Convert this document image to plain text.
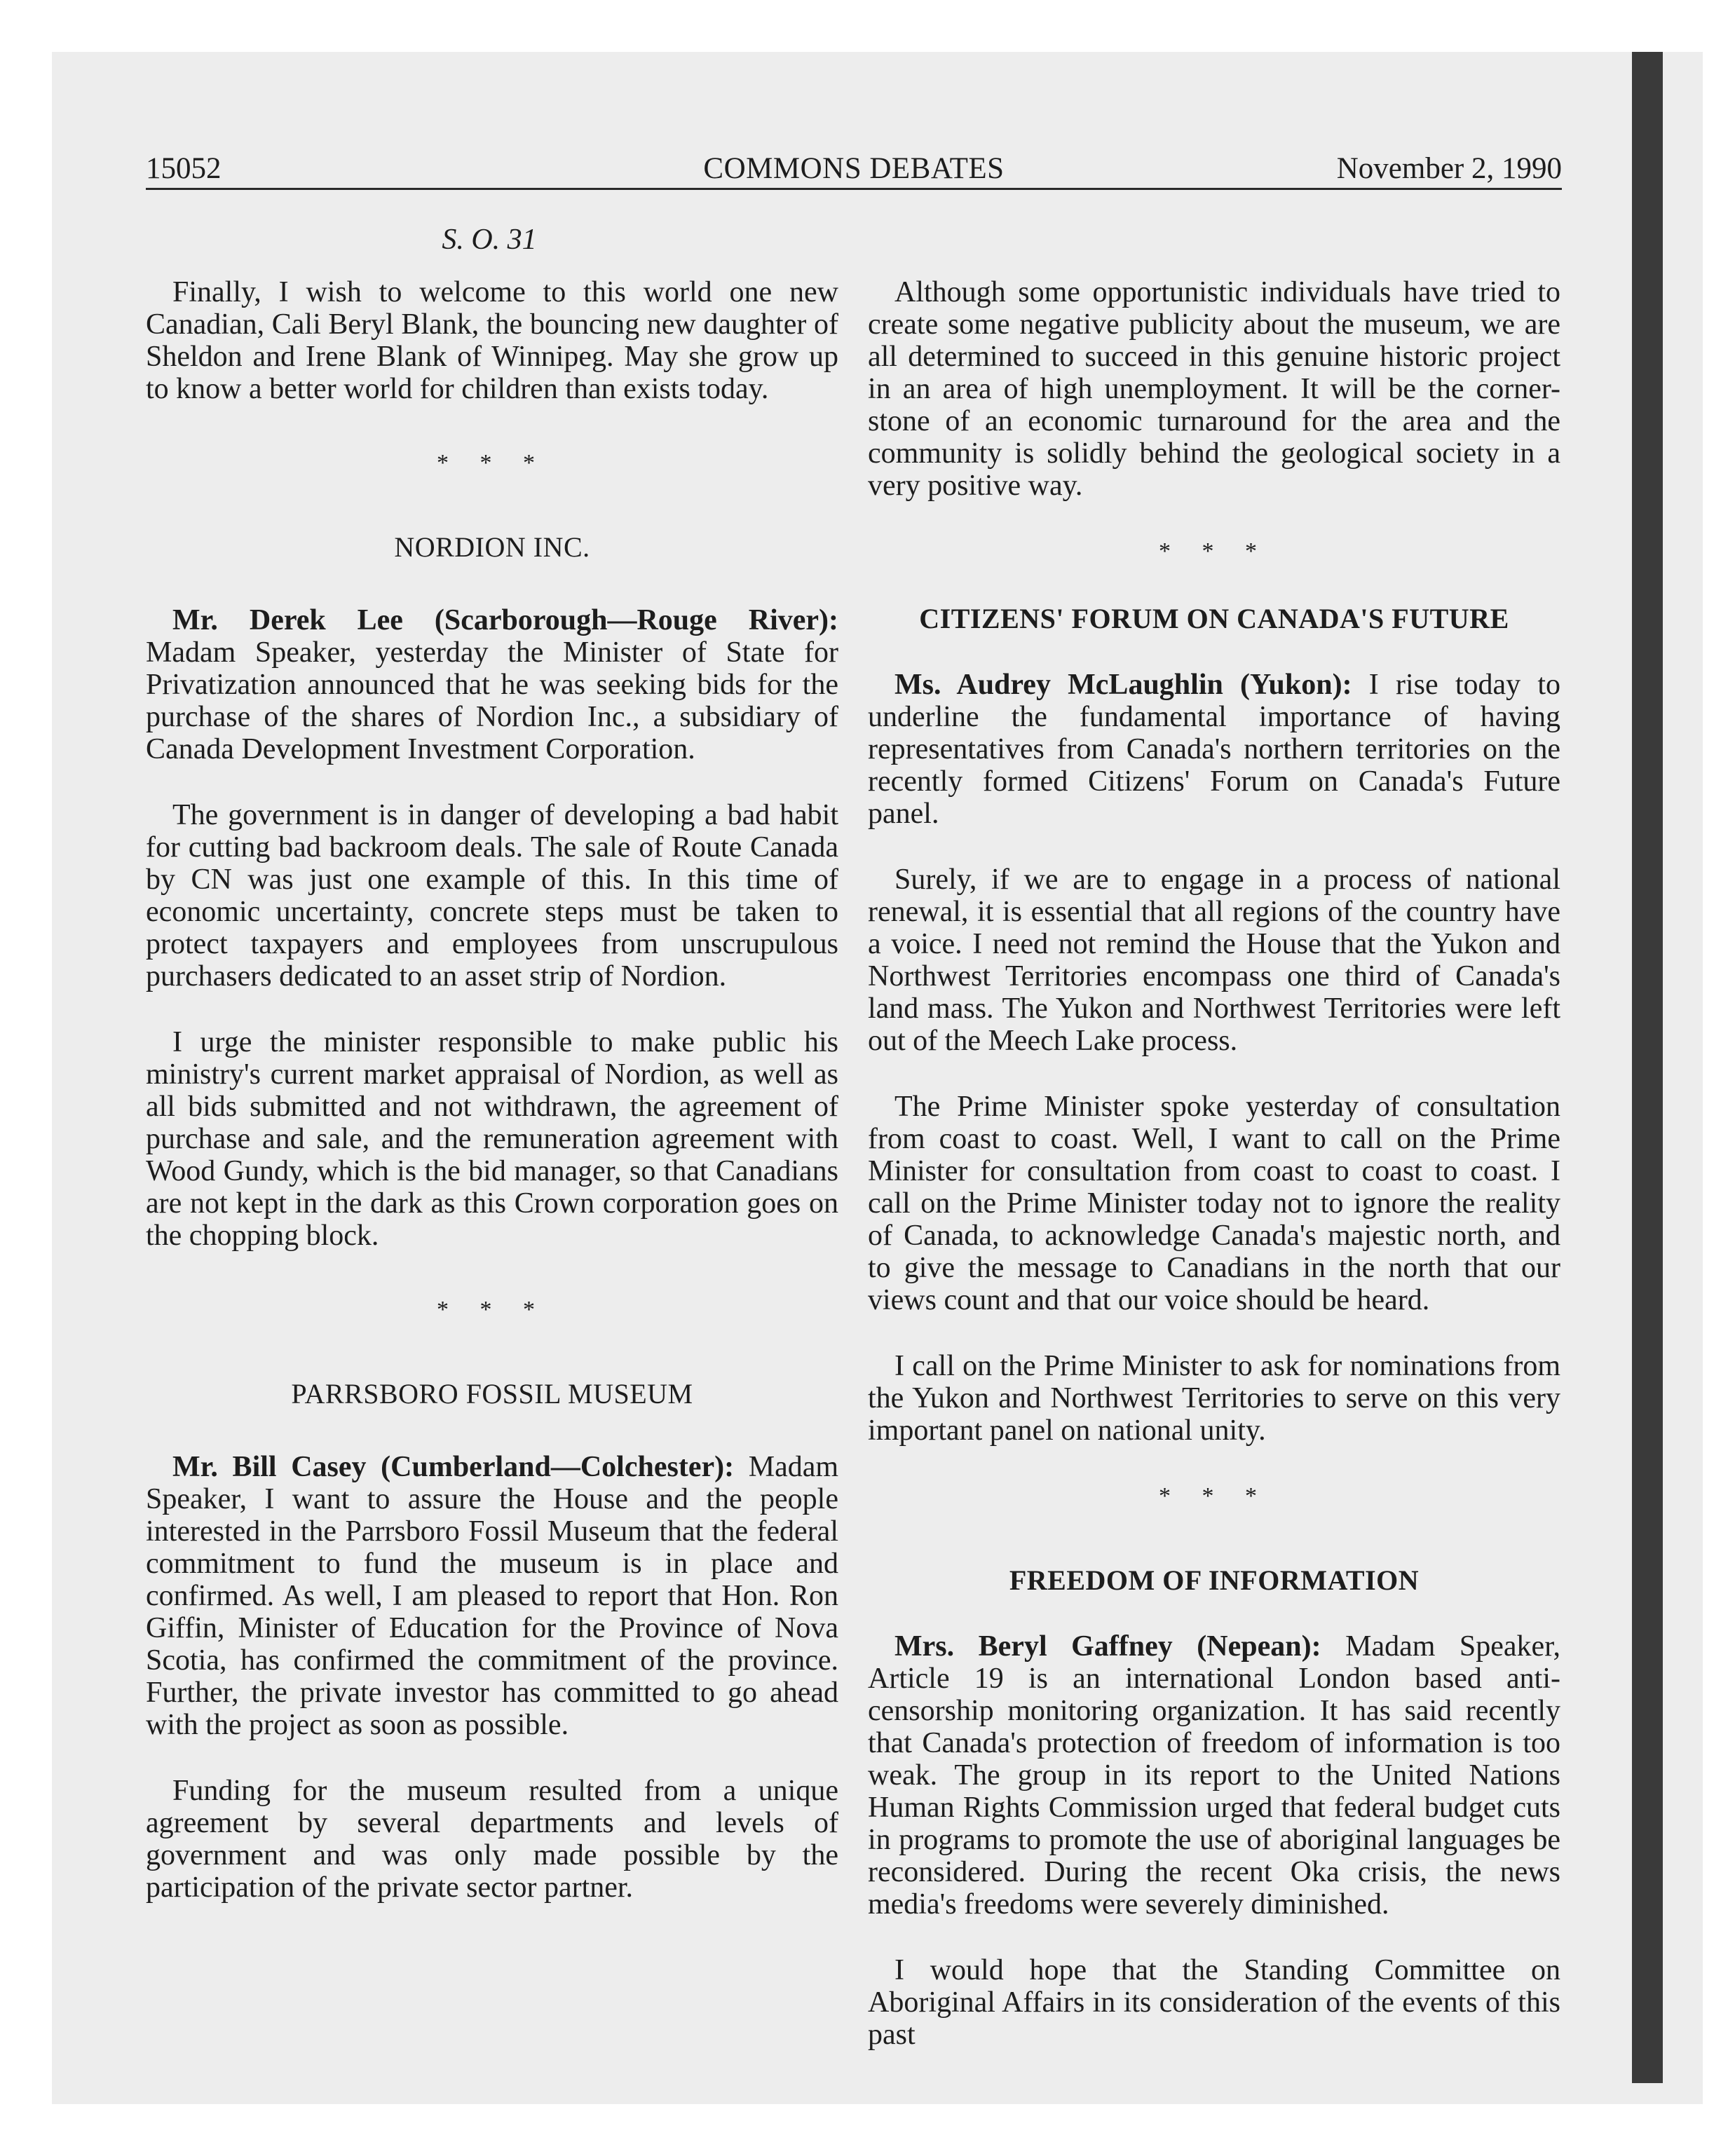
15052	COMMONS DEBATES	November 2, 1990
S. O. 31

Finally, I wish to welcome to this world one new Canadian, Cali Beryl Blank, the bouncing new daughter of Sheldon and Irene Blank of Winnipeg. May she grow up to know a better world for children than exists today.

* * *
NORDION INC.

Mr. Derek Lee (Scarborough—Rouge River): Madam Speaker, yesterday the Minister of State for Privatization announced that he was seeking bids for the purchase of the shares of Nordion Inc., a subsidiary of Canada Development Investment Corporation.

The government is in danger of developing a bad habit for cutting bad backroom deals. The sale of Route Canada by CN was just one example of this. In this time of economic uncertainty, concrete steps must be taken to protect taxpayers and employees from unscrupulous purchasers dedicated to an asset strip of Nordion.

I urge the minister responsible to make public his ministry's current market appraisal of Nordion, as well as all bids submitted and not withdrawn, the agreement of purchase and sale, and the remuneration agreement with Wood Gundy, which is the bid manager, so that Canadians are not kept in the dark as this Crown corporation goes on the chopping block.

* * *
PARRSBORO FOSSIL MUSEUM

Mr. Bill Casey (Cumberland—Colchester): Madam Speaker, I want to assure the House and the people interested in the Parrsboro Fossil Museum that the federal commitment to fund the museum is in place and confirmed. As well, I am pleased to report that Hon. Ron Giffin, Minister of Education for the Province of Nova Scotia, has confirmed the commitment of the province. Further, the private investor has committed to go ahead with the project as soon as possible.

Funding for the museum resulted from a unique agreement by several departments and levels of government and was only made possible by the participation of the private sector partner.

Although some opportunistic individuals have tried to create some negative publicity about the museum, we are all determined to succeed in this genuine historic project in an area of high unemployment. It will be the corner-stone of an economic turnaround for the area and the community is solidly behind the geological society in a very positive way.

* * *
CITIZENS' FORUM ON CANADA'S FUTURE

Ms. Audrey McLaughlin (Yukon): I rise today to underline the fundamental importance of having representatives from Canada's northern territories on the recently formed Citizens' Forum on Canada's Future panel.

Surely, if we are to engage in a process of national renewal, it is essential that all regions of the country have a voice. I need not remind the House that the Yukon and Northwest Territories encompass one third of Canada's land mass. The Yukon and Northwest Territories were left out of the Meech Lake process.

The Prime Minister spoke yesterday of consultation from coast to coast. Well, I want to call on the Prime Minister for consultation from coast to coast to coast. I call on the Prime Minister today not to ignore the reality of Canada, to acknowledge Canada's majestic north, and to give the message to Canadians in the north that our views count and that our voice should be heard.

I call on the Prime Minister to ask for nominations from the Yukon and Northwest Territories to serve on this very important panel on national unity.

* * *
FREEDOM OF INFORMATION

Mrs. Beryl Gaffney (Nepean): Madam Speaker, Article 19 is an international London based anti-censorship monitoring organization. It has said recently that Canada's protection of freedom of information is too weak. The group in its report to the United Nations Human Rights Commission urged that federal budget cuts in programs to promote the use of aboriginal languages be reconsidered. During the recent Oka crisis, the news media's freedoms were severely diminished.

I would hope that the Standing Committee on Aboriginal Affairs in its consideration of the events of this past
